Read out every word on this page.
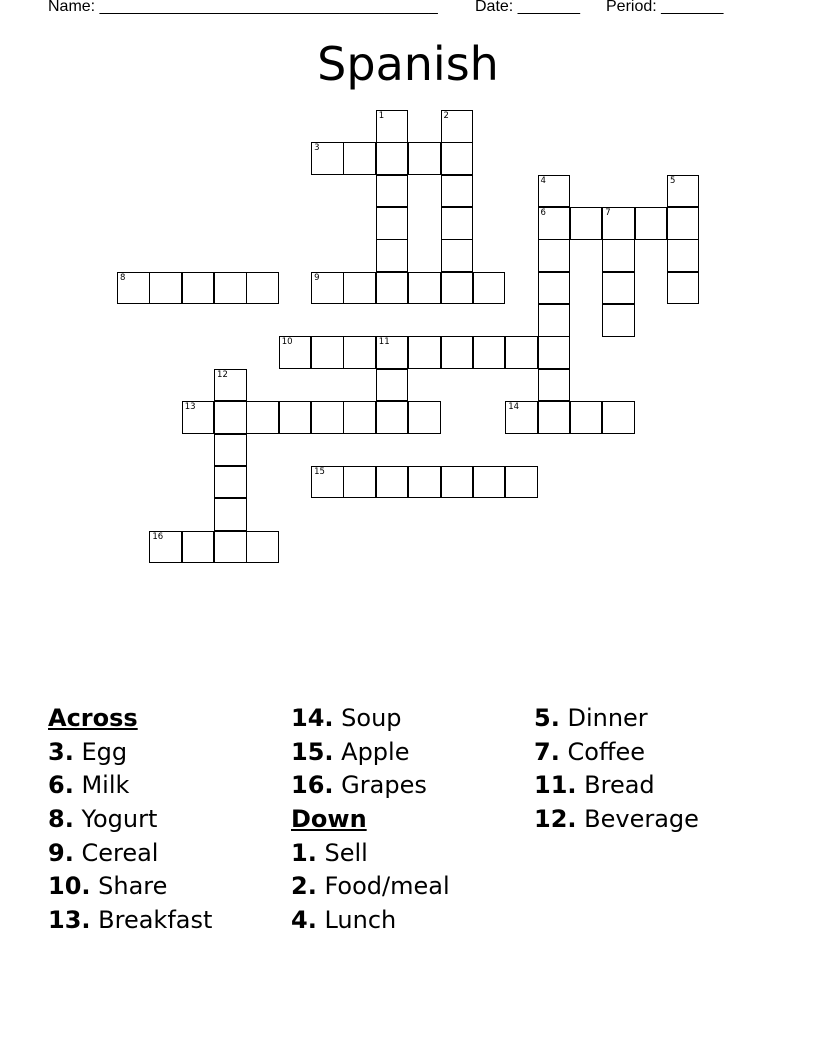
Name: ______________________________________ Date: _______ Period: _______
Spanish
1	2
3
4
6
5
7
8	9
10	11
12
13	14
15
16
Across
3. Egg
6. Milk
8. Yogurt
9. Cereal
10. Share
13. Breakfast
14. Soup
15. Apple
16. Grapes
Down
1. Sell
2. Food/meal
4. Lunch
5. Dinner
7. Coffee
11. Bread
12. Beverage
